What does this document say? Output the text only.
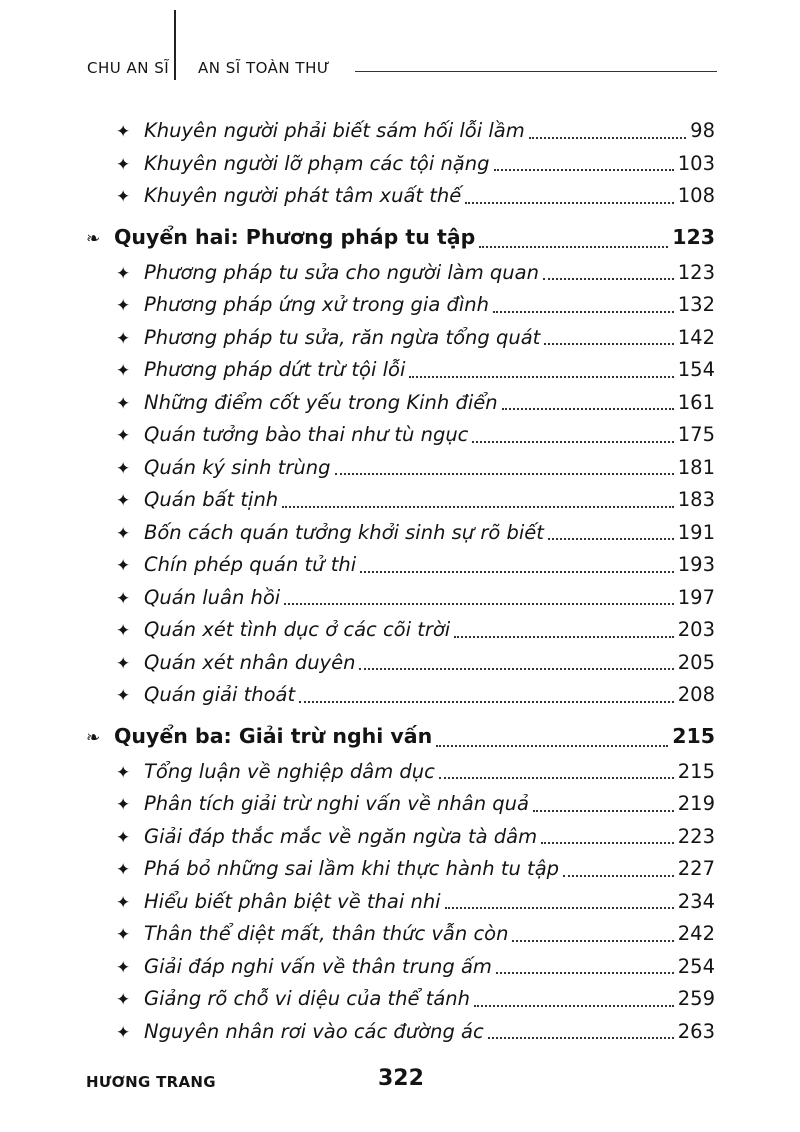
CHU AN SĨ AN SĨ TOÀN THƯ
✦ Khuyên người phải biết sám hối lỗi lầm	98
✦ Khuyên người lỡ phạm các tội nặng	103
✦ Khuyên người phát tâm xuất thế	108
❧ Quyển hai: Phương pháp tu tập	123
✦ Phương pháp tu sửa cho người làm quan	123
✦ Phương pháp ứng xử trong gia đình	132
✦ Phương pháp tu sửa, răn ngừa tổng quát	142
✦ Phương pháp dứt trừ tội lỗi	154
✦ Những điểm cốt yếu trong Kinh điển	161
✦ Quán tưởng bào thai như tù ngục	175
✦ Quán ký sinh trùng	181
✦ Quán bất tịnh	183
✦ Bốn cách quán tưởng khởi sinh sự rõ biết	191
✦ Chín phép quán tử thi	193
✦ Quán luân hồi	197
✦ Quán xét tình dục ở các cõi trời	203
✦ Quán xét nhân duyên	205
✦ Quán giải thoát	208
❧ Quyển ba: Giải trừ nghi vấn	215
✦ Tổng luận về nghiệp dâm dục	215
✦ Phân tích giải trừ nghi vấn về nhân quả	219
✦ Giải đáp thắc mắc về ngăn ngừa tà dâm	223
✦ Phá bỏ những sai lầm khi thực hành tu tập	227
✦ Hiểu biết phân biệt về thai nhi	234
✦ Thân thể diệt mất, thân thức vẫn còn	242
✦ Giải đáp nghi vấn về thân trung ấm	254
✦ Giảng rõ chỗ vi diệu của thể tánh	259
✦ Nguyên nhân rơi vào các đường ác	263
HƯƠNG TRANG	322
